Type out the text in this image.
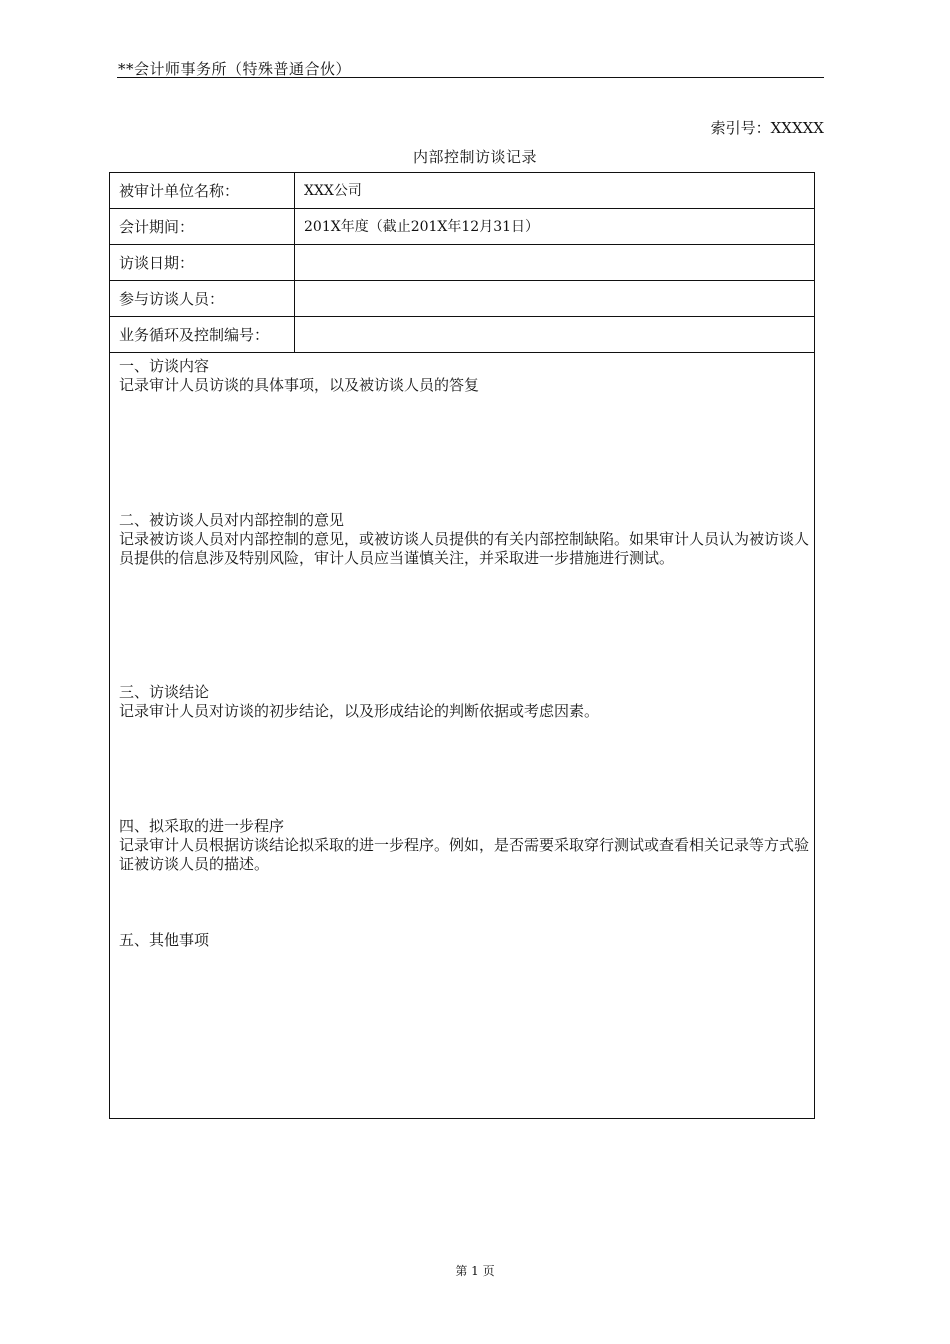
**会计师事务所（特殊普通合伙）
索引号：XXXXX
内部控制访谈记录
被审计单位名称：	XXX公司
会计期间：	201X年度（截止201X年12月31日）
访谈日期：
参与访谈人员：
业务循环及控制编号：
一、访谈内容
记录审计人员访谈的具体事项，以及被访谈人员的答复
二、被访谈人员对内部控制的意见
记录被访谈人员对内部控制的意见，或被访谈人员提供的有关内部控制缺陷。如果审计人员认为被访谈人员提供的信息涉及特别风险，审计人员应当谨慎关注，并采取进一步措施进行测试。
三、访谈结论
记录审计人员对访谈的初步结论，以及形成结论的判断依据或考虑因素。
四、拟采取的进一步程序
记录审计人员根据访谈结论拟采取的进一步程序。例如，是否需要采取穿行测试或查看相关记录等方式验证被访谈人员的描述。
五、其他事项
第 1 页
